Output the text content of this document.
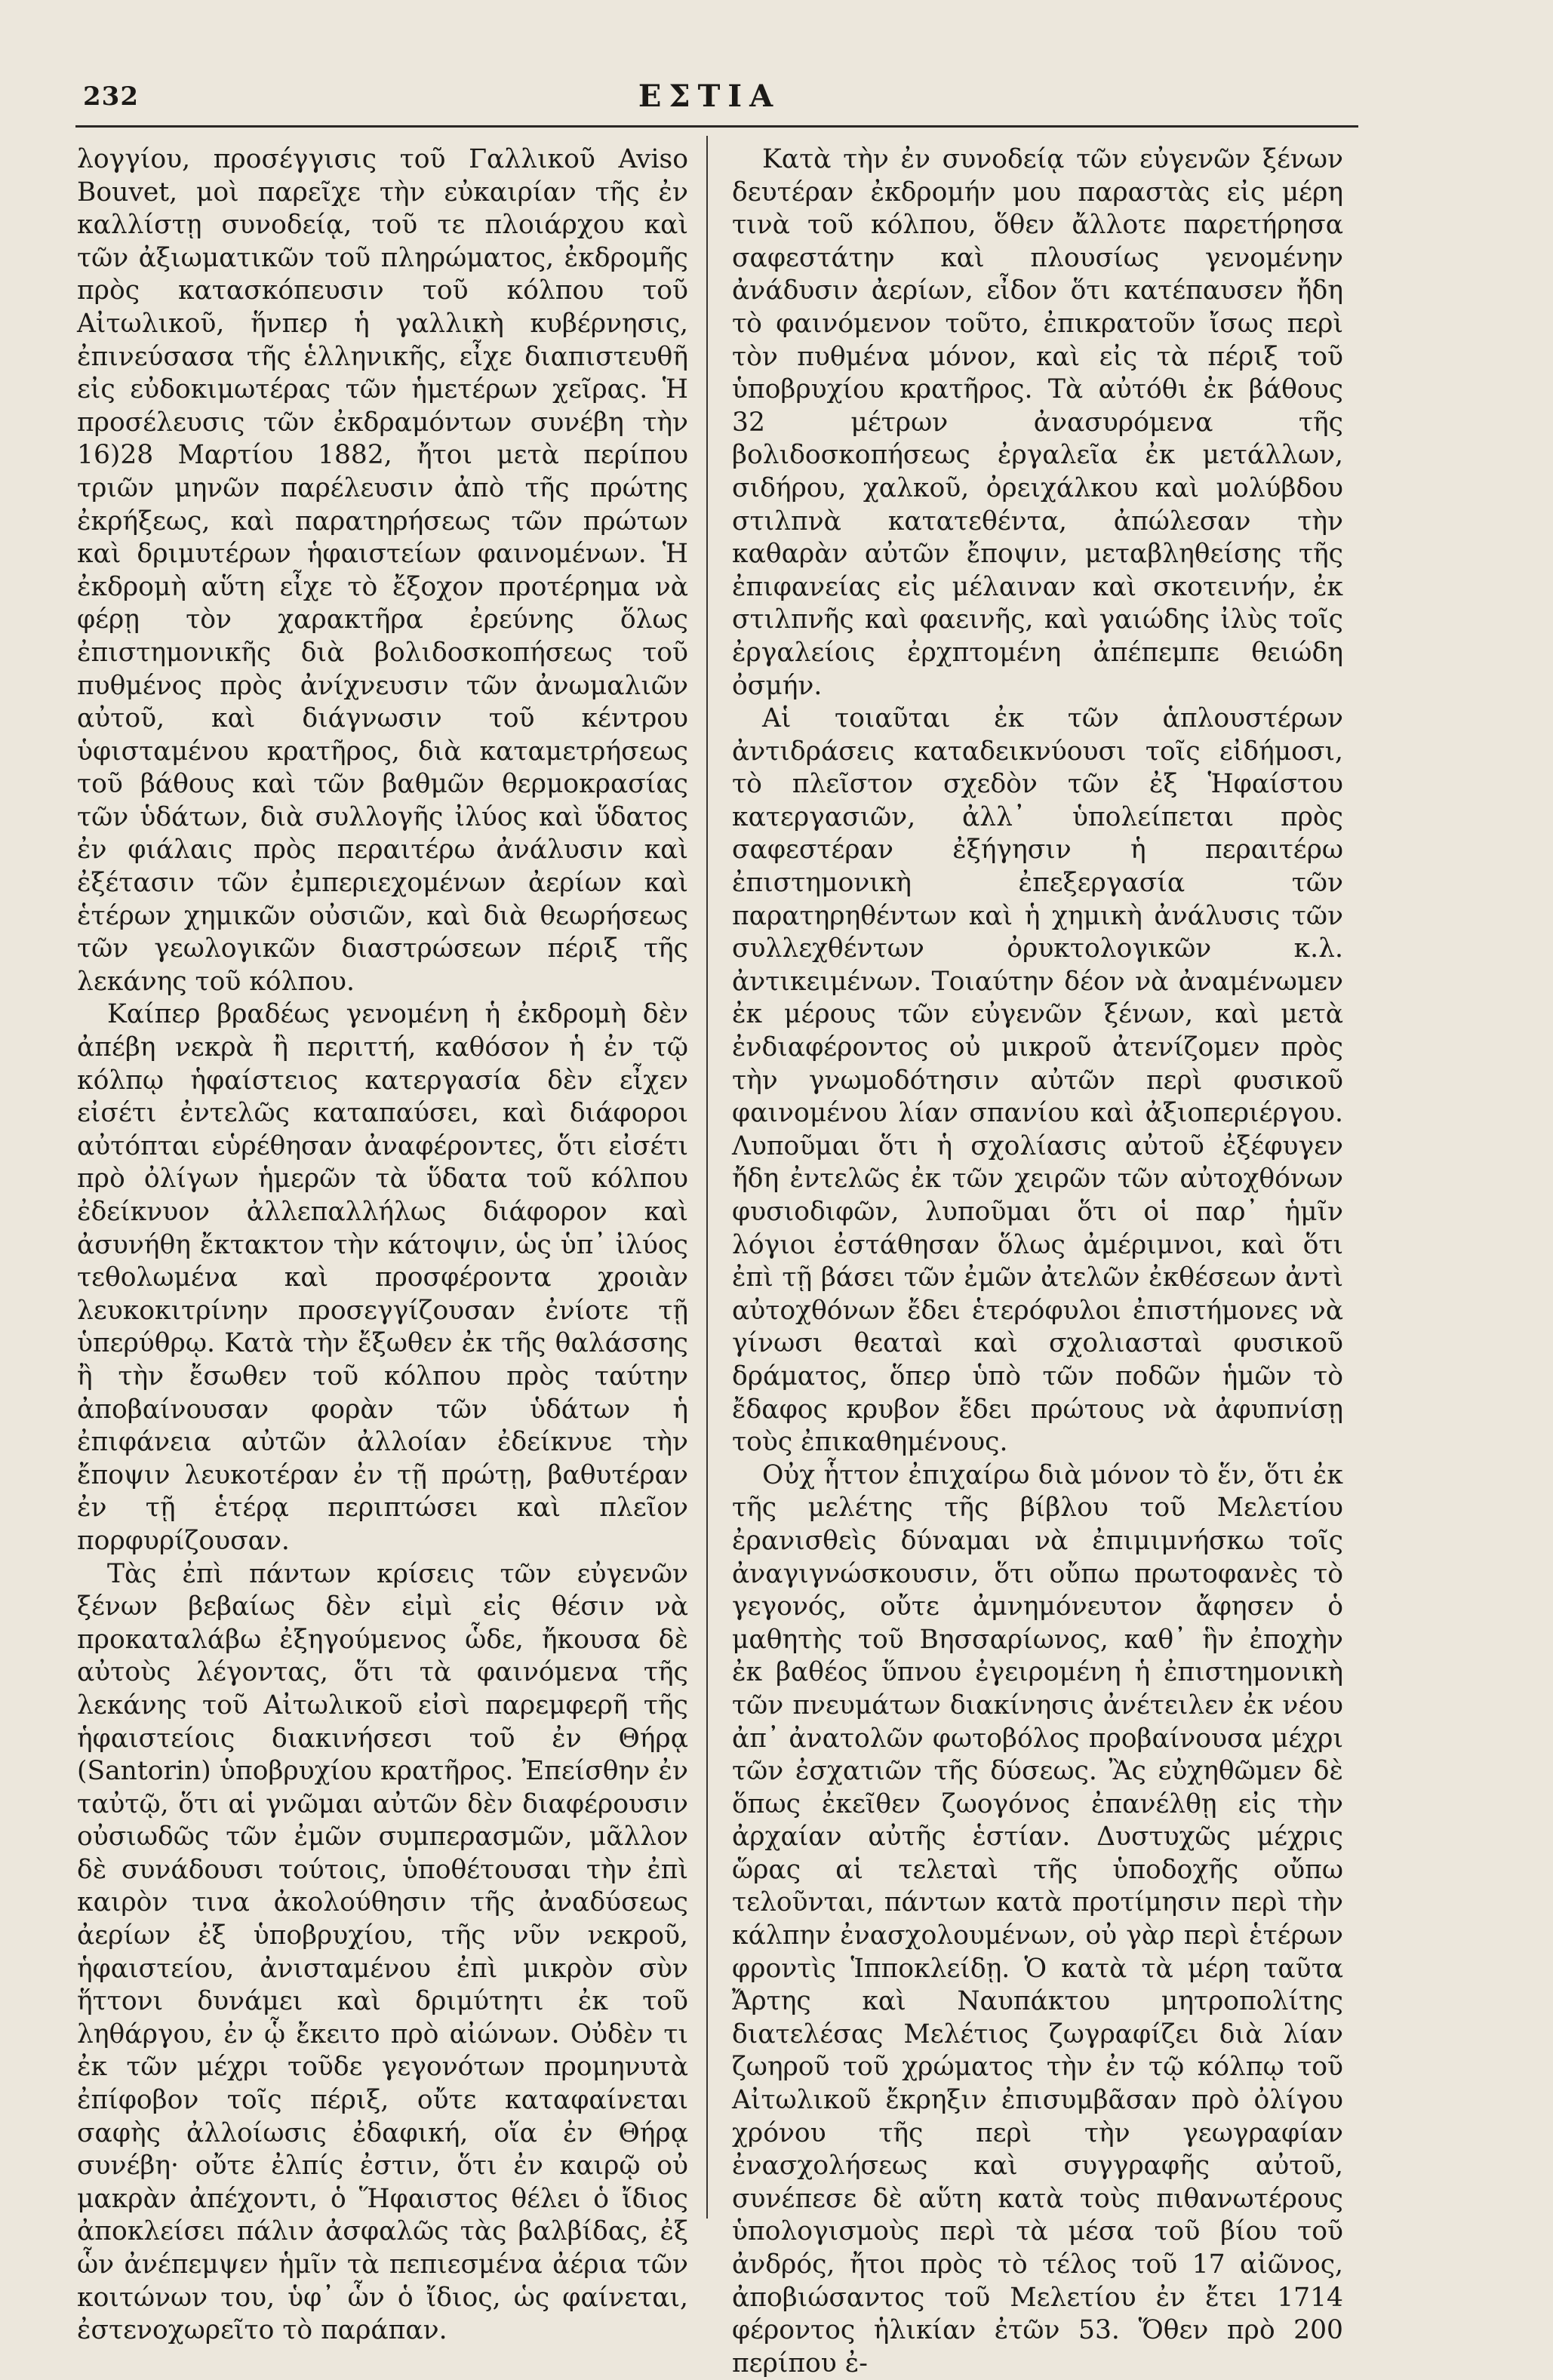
232	ΕΣΤΙΑ

λογγίου, προσέγγισις τοῦ Γαλλικοῦ Aviso Bouvet, μοὶ παρεῖχε τὴν εὐκαιρίαν τῆς ἐν καλλίστῃ συνοδείᾳ, τοῦ τε πλοιάρχου καὶ τῶν ἀξιωματικῶν τοῦ πληρώματος, ἐκδρομῆς πρὸς κατασκόπευσιν τοῦ κόλπου τοῦ Αἰτωλικοῦ, ἥνπερ ἡ γαλλικὴ κυβέρνησις, ἐπινεύσασα τῆς ἑλληνικῆς, εἶχε διαπιστευθῆ εἰς εὐδοκιμωτέρας τῶν ἡμετέρων χεῖρας. Ἡ προσέλευσις τῶν ἐκδραμόντων συνέβη τὴν 16)28 Μαρτίου 1882, ἤτοι μετὰ περίπου τριῶν μηνῶν παρέλευσιν ἀπὸ τῆς πρώτης ἐκρήξεως, καὶ παρατηρήσεως τῶν πρώτων καὶ δριμυτέρων ἡφαιστείων φαινομένων. Ἡ ἐκδρομὴ αὕτη εἶχε τὸ ἔξοχον προτέρημα νὰ φέρῃ τὸν χαρακτῆρα ἐρεύνης ὅλως ἐπιστημονικῆς διὰ βολιδοσκοπήσεως τοῦ πυθμένος πρὸς ἀνίχνευσιν τῶν ἀνωμαλιῶν αὐτοῦ, καὶ διάγνωσιν τοῦ κέντρου ὑφισταμένου κρατῆρος, διὰ καταμετρήσεως τοῦ βάθους καὶ τῶν βαθμῶν θερμοκρασίας τῶν ὑδάτων, διὰ συλλογῆς ἰλύος καὶ ὕδατος ἐν φιάλαις πρὸς περαιτέρω ἀνάλυσιν καὶ ἐξέτασιν τῶν ἐμπεριεχομένων ἀερίων καὶ ἑτέρων χημικῶν οὐσιῶν, καὶ διὰ θεωρήσεως τῶν γεωλογικῶν διαστρώσεων πέριξ τῆς λεκάνης τοῦ κόλπου.

Καίπερ βραδέως γενομένη ἡ ἐκδρομὴ δὲν ἀπέβη νεκρὰ ἢ περιττή, καθόσον ἡ ἐν τῷ κόλπῳ ἡφαίστειος κατεργασία δὲν εἶχεν εἰσέτι ἐντελῶς καταπαύσει, καὶ διάφοροι αὐτόπται εὑρέθησαν ἀναφέροντες, ὅτι εἰσέτι πρὸ ὀλίγων ἡμερῶν τὰ ὕδατα τοῦ κόλπου ἐδείκνυον ἀλλεπαλλήλως διάφορον καὶ ἀσυνήθη ἔκτακτον τὴν κάτοψιν, ὡς ὑπ᾽ ἰλύος τεθολωμένα καὶ προσφέροντα χροιὰν λευκοκιτρίνην προσεγγίζουσαν ἐνίοτε τῇ ὑπερύθρῳ. Κατὰ τὴν ἔξωθεν ἐκ τῆς θαλάσσης ἢ τὴν ἔσωθεν τοῦ κόλπου πρὸς ταύτην ἀποβαίνουσαν φορὰν τῶν ὑδάτων ἡ ἐπιφάνεια αὐτῶν ἀλλοίαν ἐδείκνυε τὴν ἔποψιν λευκοτέραν ἐν τῇ πρώτῃ, βαθυτέραν ἐν τῇ ἑτέρᾳ περιπτώσει καὶ πλεῖον πορφυρίζουσαν.

Τὰς ἐπὶ πάντων κρίσεις τῶν εὐγενῶν ξένων βεβαίως δὲν εἰμὶ εἰς θέσιν νὰ προκαταλάβω ἐξηγούμενος ὧδε, ἤκουσα δὲ αὐτοὺς λέγοντας, ὅτι τὰ φαινόμενα τῆς λεκάνης τοῦ Αἰτωλικοῦ εἰσὶ παρεμφερῆ τῆς ἡφαιστείοις διακινήσεσι τοῦ ἐν Θήρᾳ (Santorin) ὑποβρυχίου κρατῆρος. Ἐπείσθην ἐν ταὐτῷ, ὅτι αἱ γνῶμαι αὐτῶν δὲν διαφέρουσιν οὐσιωδῶς τῶν ἐμῶν συμπερασμῶν, μᾶλλον δὲ συνάδουσι τούτοις, ὑποθέτουσαι τὴν ἐπὶ καιρὸν τινα ἀκολούθησιν τῆς ἀναδύσεως ἀερίων ἐξ ὑποβρυχίου, τῆς νῦν νεκροῦ, ἡφαιστείου, ἀνισταμένου ἐπὶ μικρὸν σὺν ἥττονι δυνάμει καὶ δριμύτητι ἐκ τοῦ ληθάργου, ἐν ᾧ ἔκειτο πρὸ αἰώνων. Οὐδὲν τι ἐκ τῶν μέχρι τοῦδε γεγονότων προμηνυτὰ ἐπίφοβον τοῖς πέριξ, οὔτε καταφαίνεται σαφὴς ἀλλοίωσις ἐδαφική, οἵα ἐν Θήρᾳ συνέβη· οὔτε ἐλπίς ἐστιν, ὅτι ἐν καιρῷ οὐ μακρὰν ἀπέχοντι, ὁ Ἥφαιστος θέλει ὁ ἴδιος ἀποκλείσει πάλιν ἀσφαλῶς τὰς βαλβίδας, ἐξ ὧν ἀνέπεμψεν ἡμῖν τὰ πεπιεσμένα ἀέρια τῶν κοιτώνων του, ὑφ᾽ ὧν ὁ ἴδιος, ὡς φαίνεται, ἐστενοχωρεῖτο τὸ παράπαν.

Κατὰ τὴν ἐν συνοδείᾳ τῶν εὐγενῶν ξένων δευτέραν ἐκδρομήν μου παραστὰς εἰς μέρη τινὰ τοῦ κόλπου, ὅθεν ἄλλοτε παρετήρησα σαφεστάτην καὶ πλουσίως γενομένην ἀνάδυσιν ἀερίων, εἶδον ὅτι κατέπαυσεν ἤδη τὸ φαινόμενον τοῦτο, ἐπικρατοῦν ἴσως περὶ τὸν πυθμένα μόνον, καὶ εἰς τὰ πέριξ τοῦ ὑποβρυχίου κρατῆρος. Τὰ αὐτόθι ἐκ βάθους 32 μέτρων ἀνασυρόμενα τῆς βολιδοσκοπήσεως ἐργαλεῖα ἐκ μετάλλων, σιδήρου, χαλκοῦ, ὀρειχάλκου καὶ μολύβδου στιλπνὰ κατατεθέντα, ἀπώλεσαν τὴν καθαρὰν αὐτῶν ἔποψιν, μεταβληθείσης τῆς ἐπιφανείας εἰς μέλαιναν καὶ σκοτεινήν, ἐκ στιλπνῆς καὶ φαεινῆς, καὶ γαιώδης ἰλὺς τοῖς ἐργαλείοις ἐρχπτομένη ἀπέπεμπε θειώδη ὀσμήν.

Αἱ τοιαῦται ἐκ τῶν ἁπλουστέρων ἀντιδράσεις καταδεικνύουσι τοῖς εἰδήμοσι, τὸ πλεῖστον σχεδὸν τῶν ἐξ Ἡφαίστου κατεργασιῶν, ἀλλ᾽ ὑπολείπεται πρὸς σαφεστέραν ἐξήγησιν ἡ περαιτέρω ἐπιστημονικὴ ἐπεξεργασία τῶν παρατηρηθέντων καὶ ἡ χημικὴ ἀνάλυσις τῶν συλλεχθέντων ὀρυκτολογικῶν κ.λ. ἀντικειμένων. Τοιαύτην δέον νὰ ἀναμένωμεν ἐκ μέρους τῶν εὐγενῶν ξένων, καὶ μετὰ ἐνδιαφέροντος οὐ μικροῦ ἀτενίζομεν πρὸς τὴν γνωμοδότησιν αὐτῶν περὶ φυσικοῦ φαινομένου λίαν σπανίου καὶ ἀξιοπεριέργου. Λυποῦμαι ὅτι ἡ σχολίασις αὐτοῦ ἐξέφυγεν ἤδη ἐντελῶς ἐκ τῶν χειρῶν τῶν αὐτοχθόνων φυσιοδιφῶν, λυποῦμαι ὅτι οἱ παρ᾽ ἡμῖν λόγιοι ἐστάθησαν ὅλως ἀμέριμνοι, καὶ ὅτι ἐπὶ τῇ βάσει τῶν ἐμῶν ἀτελῶν ἐκθέσεων ἀντὶ αὐτοχθόνων ἔδει ἑτερόφυλοι ἐπιστήμονες νὰ γίνωσι θεαταὶ καὶ σχολιασταὶ φυσικοῦ δράματος, ὅπερ ὑπὸ τῶν ποδῶν ἡμῶν τὸ ἔδαφος κρυβον ἔδει πρώτους νὰ ἀφυπνίσῃ τοὺς ἐπικαθημένους.

Οὐχ ἧττον ἐπιχαίρω διὰ μόνον τὸ ἕν, ὅτι ἐκ τῆς μελέτης τῆς βίβλου τοῦ Μελετίου ἐρανισθεὶς δύναμαι νὰ ἐπιμιμνήσκω τοῖς ἀναγιγνώσκουσιν, ὅτι οὔπω πρωτοφανὲς τὸ γεγονός, οὔτε ἀμνημόνευτον ἄφησεν ὁ μαθητὴς τοῦ Βησσαρίωνος, καθ᾽ ἣν ἐποχὴν ἐκ βαθέος ὕπνου ἐγειρομένη ἡ ἐπιστημονικὴ τῶν πνευμάτων διακίνησις ἀνέτειλεν ἐκ νέου ἀπ᾽ ἀνατολῶν φωτοβόλος προβαίνουσα μέχρι τῶν ἐσχατιῶν τῆς δύσεως. Ἂς εὐχηθῶμεν δὲ ὅπως ἐκεῖθεν ζωογόνος ἐπανέλθῃ εἰς τὴν ἀρχαίαν αὐτῆς ἑστίαν. Δυστυχῶς μέχρις ὥρας αἱ τελεταὶ τῆς ὑποδοχῆς οὔπω τελοῦνται, πάντων κατὰ προτίμησιν περὶ τὴν κάλπην ἐνασχολουμένων, οὐ γὰρ περὶ ἑτέρων φροντὶς Ἱπποκλείδῃ. Ὁ κατὰ τὰ μέρη ταῦτα Ἄρτης καὶ Ναυπάκτου μητροπολίτης διατελέσας Μελέτιος ζωγραφίζει διὰ λίαν ζωηροῦ τοῦ χρώματος τὴν ἐν τῷ κόλπῳ τοῦ Αἰτωλικοῦ ἔκρηξιν ἐπισυμβᾶσαν πρὸ ὀλίγου χρόνου τῆς περὶ τὴν γεωγραφίαν ἐνασχολήσεως καὶ συγγραφῆς αὐτοῦ, συνέπεσε δὲ αὕτη κατὰ τοὺς πιθανωτέρους ὑπολογισμοὺς περὶ τὰ μέσα τοῦ βίου τοῦ ἀνδρός, ἤτοι πρὸς τὸ τέλος τοῦ 17 αἰῶνος, ἀποβιώσαντος τοῦ Μελετίου ἐν ἔτει 1714 φέροντος ἡλικίαν ἐτῶν 53. Ὅθεν πρὸ 200 περίπου ἐ-
